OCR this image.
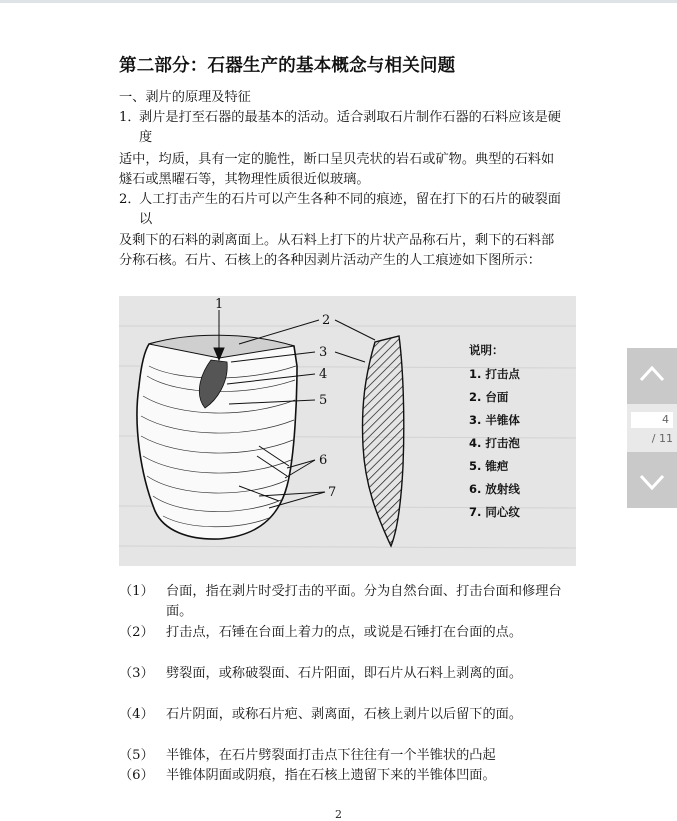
第二部分：石器生产的基本概念与相关问题
一、剥片的原理及特征
1．
剥片是打至石器的最基本的活动。适合剥取石片制作石器的石料应该是硬度
适中，均质，具有一定的脆性，断口呈贝壳状的岩石或矿物。典型的石料如燧石或黑曜石等，其物理性质很近似玻璃。
2．
人工打击产生的石片可以产生各种不同的痕迹，留在打下的石片的破裂面以
及剩下的石料的剥离面上。从石料上打下的片状产品称石片，剩下的石料部分称石核。石片、石核上的各种因剥片活动产生的人工痕迹如下图所示：
1
2
3
4
5
6
7
说明：
1. 打击点
2. 台面
3. 半锥体
4. 打击泡
5. 锥疤
6. 放射线
7. 同心纹
（1） 台面，指在剥片时受打击的平面。分为自然台面、打击台面和修理台面。
（2） 打击点，石锤在台面上着力的点，或说是石锤打在台面的点。
（3） 劈裂面，或称破裂面、石片阳面，即石片从石料上剥离的面。
（4） 石片阴面，或称石片疤、剥离面，石核上剥片以后留下的面。
（5） 半锥体，在石片劈裂面打击点下往往有一个半锥状的凸起
（6） 半锥体阴面或阴痕，指在石核上遗留下来的半锥体凹面。
2
4
/ 11
